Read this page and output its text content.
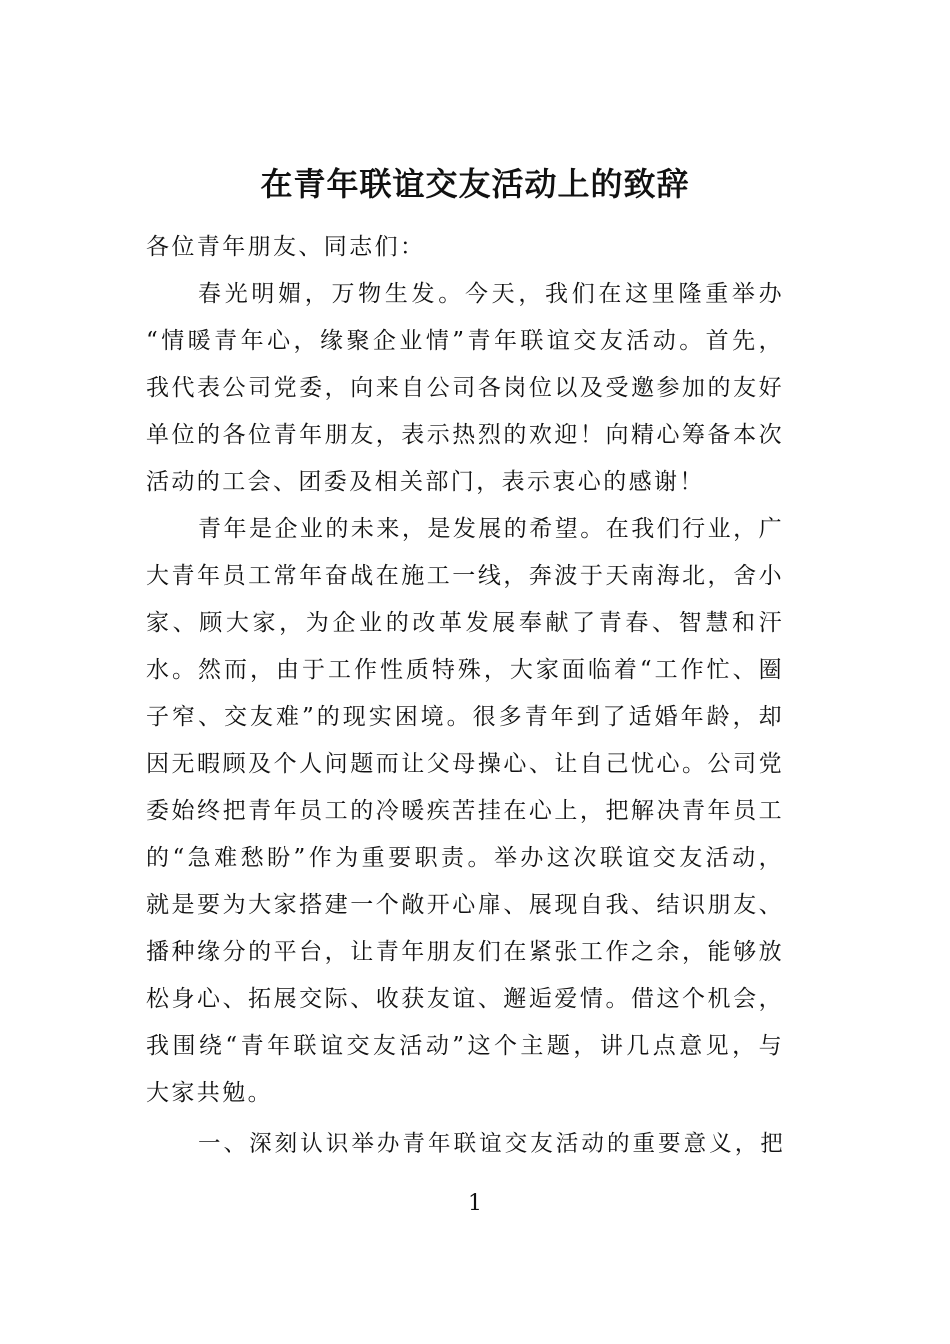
在青年联谊交友活动上的致辞
各位青年朋友、同志们：
春光明媚，万物生发。今天，我们在这里隆重举办
“情暖青年心，缘聚企业情”青年联谊交友活动。首先，
我代表公司党委，向来自公司各岗位以及受邀参加的友好
单位的各位青年朋友，表示热烈的欢迎！向精心筹备本次
活动的工会、团委及相关部门，表示衷心的感谢！
青年是企业的未来，是发展的希望。在我们行业，广
大青年员工常年奋战在施工一线，奔波于天南海北，舍小
家、顾大家，为企业的改革发展奉献了青春、智慧和汗
水。然而，由于工作性质特殊，大家面临着“工作忙、圈
子窄、交友难”的现实困境。很多青年到了适婚年龄，却
因无暇顾及个人问题而让父母操心、让自己忧心。公司党
委始终把青年员工的冷暖疾苦挂在心上，把解决青年员工
的“急难愁盼”作为重要职责。举办这次联谊交友活动，
就是要为大家搭建一个敞开心扉、展现自我、结识朋友、
播种缘分的平台，让青年朋友们在紧张工作之余，能够放
松身心、拓展交际、收获友谊、邂逅爱情。借这个机会，
我围绕“青年联谊交友活动”这个主题，讲几点意见，与
大家共勉。
一、深刻认识举办青年联谊交友活动的重要意义，把
1
